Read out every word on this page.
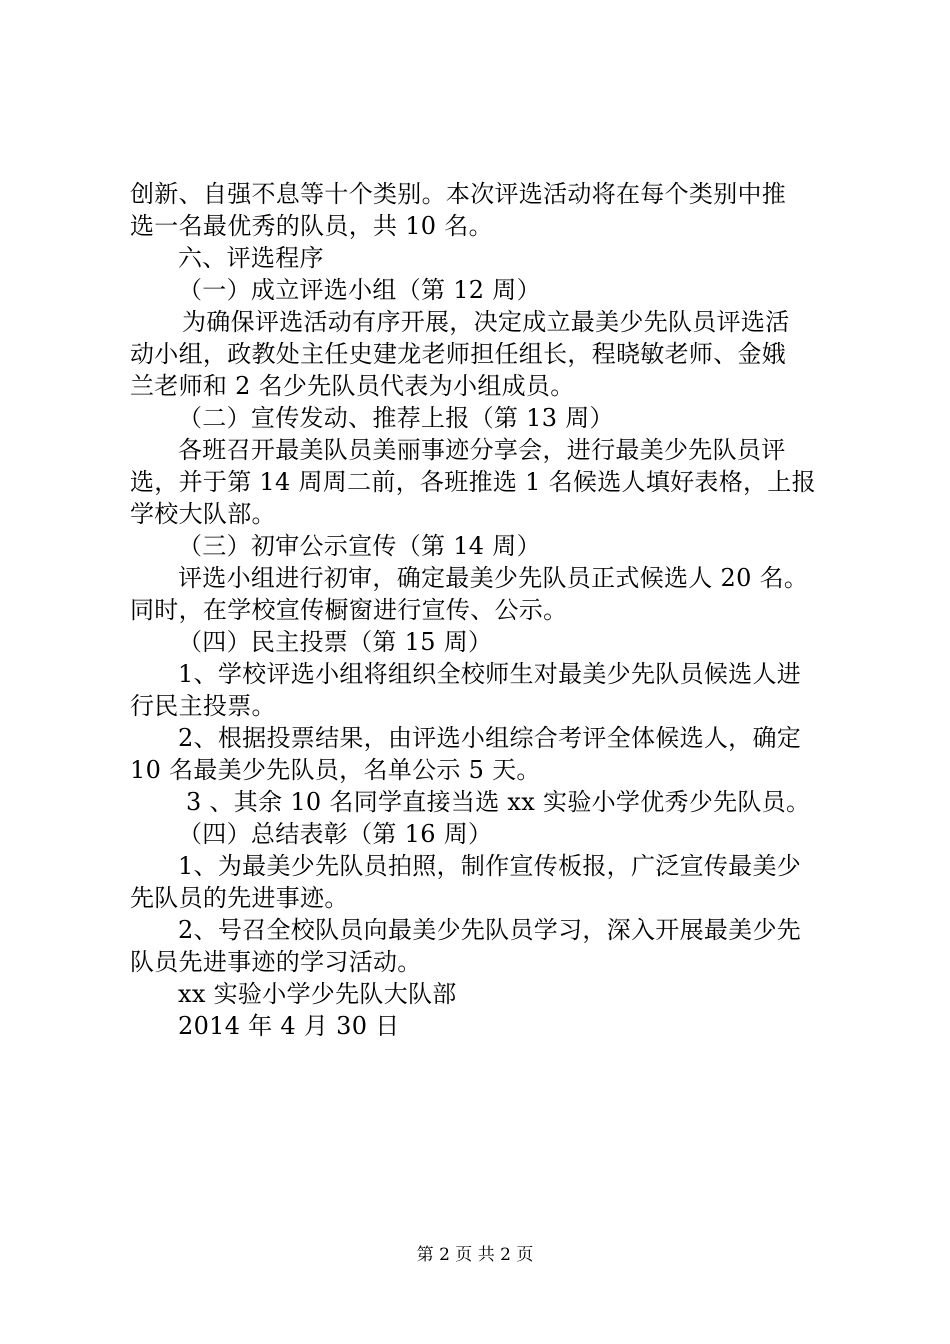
创新、自强不息等十个类别。本次评选活动将在每个类别中推
选一名最优秀的队员，共 10 名。
六、评选程序
（一）成立评选小组（第 12 周）
为确保评选活动有序开展，决定成立最美少先队员评选活
动小组，政教处主任史建龙老师担任组长，程晓敏老师、金娥
兰老师和 2 名少先队员代表为小组成员。
（二）宣传发动、推荐上报（第 13 周）
各班召开最美队员美丽事迹分享会，进行最美少先队员评
选，并于第 14 周周二前，各班推选 1 名候选人填好表格，上报
学校大队部。
（三）初审公示宣传（第 14 周）
评选小组进行初审，确定最美少先队员正式候选人 20 名。
同时，在学校宣传橱窗进行宣传、公示。
（四）民主投票（第 15 周）
1、学校评选小组将组织全校师生对最美少先队员候选人进
行民主投票。
2、根据投票结果，由评选小组综合考评全体候选人，确定
10 名最美少先队员，名单公示 5 天。
3 、其余 10 名同学直接当选 xx 实验小学优秀少先队员。
（四）总结表彰（第 16 周）
1、为最美少先队员拍照，制作宣传板报，广泛宣传最美少
先队员的先进事迹。
2、号召全校队员向最美少先队员学习，深入开展最美少先
队员先进事迹的学习活动。
xx 实验小学少先队大队部
2014 年 4 月 30 日
第 2 页 共 2 页
